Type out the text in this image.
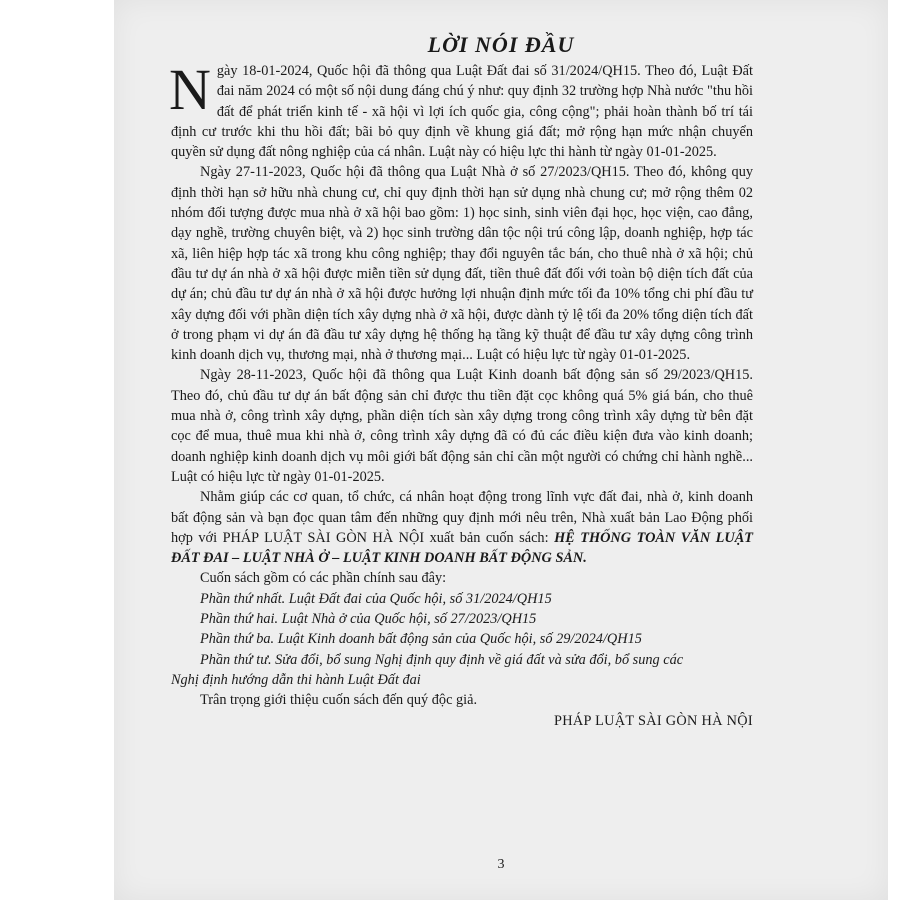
LỜI NÓI ĐẦU

Ngày 18-01-2024, Quốc hội đã thông qua Luật Đất đai số 31/2024/QH15. Theo đó, Luật Đất đai năm 2024 có một số nội dung đáng chú ý như: quy định 32 trường hợp Nhà nước "thu hồi đất để phát triển kinh tế - xã hội vì lợi ích quốc gia, công cộng"; phải hoàn thành bố trí tái định cư trước khi thu hồi đất; bãi bỏ quy định về khung giá đất; mở rộng hạn mức nhận chuyển quyền sử dụng đất nông nghiệp của cá nhân. Luật này có hiệu lực thi hành từ ngày 01-01-2025.

Ngày 27-11-2023, Quốc hội đã thông qua Luật Nhà ở số 27/2023/QH15. Theo đó, không quy định thời hạn sở hữu nhà chung cư, chỉ quy định thời hạn sử dụng nhà chung cư; mở rộng thêm 02 nhóm đối tượng được mua nhà ở xã hội bao gồm: 1) học sinh, sinh viên đại học, học viện, cao đẳng, dạy nghề, trường chuyên biệt, và 2) học sinh trường dân tộc nội trú công lập, doanh nghiệp, hợp tác xã, liên hiệp hợp tác xã trong khu công nghiệp; thay đổi nguyên tắc bán, cho thuê nhà ở xã hội; chủ đầu tư dự án nhà ở xã hội được miễn tiền sử dụng đất, tiền thuê đất đối với toàn bộ diện tích đất của dự án; chủ đầu tư dự án nhà ở xã hội được hưởng lợi nhuận định mức tối đa 10% tổng chi phí đầu tư xây dựng đối với phần diện tích xây dựng nhà ở xã hội, được dành tỷ lệ tối đa 20% tổng diện tích đất ở trong phạm vi dự án đã đầu tư xây dựng hệ thống hạ tầng kỹ thuật để đầu tư xây dựng công trình kinh doanh dịch vụ, thương mại, nhà ở thương mại... Luật có hiệu lực từ ngày 01-01-2025.

Ngày 28-11-2023, Quốc hội đã thông qua Luật Kinh doanh bất động sản số 29/2023/QH15. Theo đó, chủ đầu tư dự án bất động sản chỉ được thu tiền đặt cọc không quá 5% giá bán, cho thuê mua nhà ở, công trình xây dựng, phần diện tích sàn xây dựng trong công trình xây dựng từ bên đặt cọc để mua, thuê mua khi nhà ở, công trình xây dựng đã có đủ các điều kiện đưa vào kinh doanh; doanh nghiệp kinh doanh dịch vụ môi giới bất động sản chỉ cần một người có chứng chỉ hành nghề... Luật có hiệu lực từ ngày 01-01-2025.

Nhằm giúp các cơ quan, tổ chức, cá nhân hoạt động trong lĩnh vực đất đai, nhà ở, kinh doanh bất động sản và bạn đọc quan tâm đến những quy định mới nêu trên, Nhà xuất bản Lao Động phối hợp với PHÁP LUẬT SÀI GÒN HÀ NỘI xuất bản cuốn sách: HỆ THỐNG TOÀN VĂN LUẬT ĐẤT ĐAI – LUẬT NHÀ Ở – LUẬT KINH DOANH BẤT ĐỘNG SẢN.

Cuốn sách gồm có các phần chính sau đây:

Phần thứ nhất. Luật Đất đai của Quốc hội, số 31/2024/QH15
Phần thứ hai. Luật Nhà ở của Quốc hội, số 27/2023/QH15
Phần thứ ba. Luật Kinh doanh bất động sản của Quốc hội, số 29/2024/QH15
Phần thứ tư. Sửa đổi, bổ sung Nghị định quy định về giá đất và sửa đổi, bổ sung các
Nghị định hướng dẫn thi hành Luật Đất đai

Trân trọng giới thiệu cuốn sách đến quý độc giả.

PHÁP LUẬT SÀI GÒN HÀ NỘI
3
